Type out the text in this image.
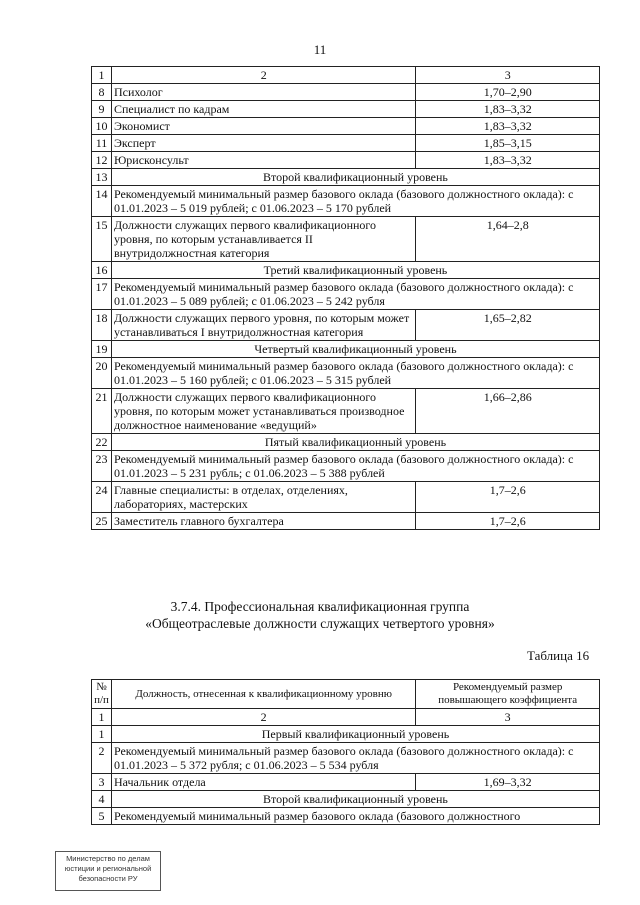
11
1	2	3
8	Психолог	1,70–2,90
9	Специалист по кадрам	1,83–3,32
10	Экономист	1,83–3,32
11	Эксперт	1,85–3,15
12	Юрисконсульт	1,83–3,32
13	Второй квалификационный уровень	
14	Рекомендуемый минимальный размер базового оклада (базового должностного оклада): с 01.01.2023 – 5 019 рублей; с 01.06.2023 – 5 170 рублей	
15	Должности служащих первого квалификационного уровня, по которым устанавливается II внутридолжностная категория	1,64–2,8
16	Третий квалификационный уровень	
17	Рекомендуемый минимальный размер базового оклада (базового должностного оклада): с 01.01.2023 – 5 089 рублей; с 01.06.2023 – 5 242 рубля	
18	Должности служащих первого уровня, по которым может устанавливаться I внутридолжностная категория	1,65–2,82
19	Четвертый квалификационный уровень	
20	Рекомендуемый минимальный размер базового оклада (базового должностного оклада): с 01.01.2023 – 5 160 рублей; с 01.06.2023 – 5 315 рублей	
21	Должности служащих первого квалификационного уровня, по которым может устанавливаться производное должностное наименование «ведущий»	1,66–2,86
22	Пятый квалификационный уровень	
23	Рекомендуемый минимальный размер базового оклада (базового должностного оклада): с 01.01.2023 – 5 231 рубль; с 01.06.2023 – 5 388 рублей	
24	Главные специалисты: в отделах, отделениях, лабораториях, мастерских	1,7–2,6
25	Заместитель главного бухгалтера	1,7–2,6
3.7.4. Профессиональная квалификационная группа
«Общеотраслевые должности служащих четвертого уровня»
Таблица 16
№ п/п	Должность, отнесенная к квалификационному уровню	Рекомендуемый размер повышающего коэффициента
1	2	3
1	Первый квалификационный уровень	
2	Рекомендуемый минимальный размер базового оклада (базового должностного оклада): с 01.01.2023 – 5 372 рубля; с 01.06.2023 – 5 534 рубля	
3	Начальник отдела	1,69–3,32
4	Второй квалификационный уровень	
5	Рекомендуемый минимальный размер базового оклада (базового должностного	
Министерство по делам
юстиции и региональной
безопасности РУ
